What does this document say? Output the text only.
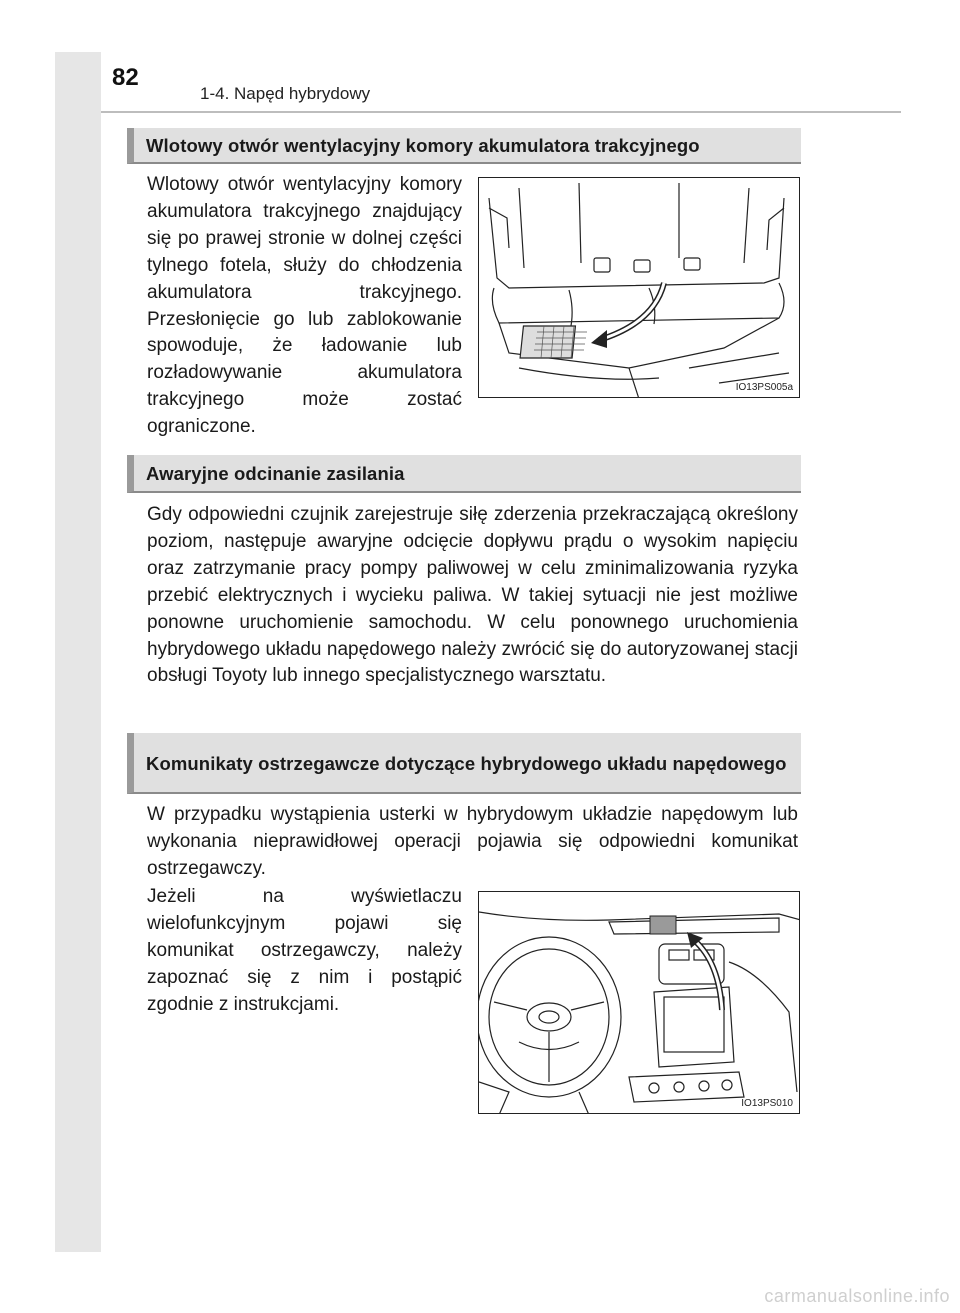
82
1-4. Napęd hybrydowy
Wlotowy otwór wentylacyjny komory akumulatora trakcyjnego

Wlotowy otwór wentylacyjny komory akumulatora trakcyjnego znajdujący się po prawej stronie w dolnej części tylnego fotela, służy do chłodzenia akumulatora trakcyjnego. Przesłonięcie go lub zablokowanie spowoduje, że ładowanie lub rozładowywanie akumulatora trakcyjnego może zostać ograniczone.

IO13PS005a
Awaryjne odcinanie zasilania

Gdy odpowiedni czujnik zarejestruje siłę zderzenia przekraczającą określony poziom, następuje awaryjne odcięcie dopływu prądu o wysokim napięciu oraz zatrzymanie pracy pompy paliwowej w celu zminimalizowania ryzyka przebić elektrycznych i wycieku paliwa. W takiej sytuacji nie jest możliwe ponowne uruchomienie samochodu. W celu ponownego uruchomienia hybrydowego układu napędowego należy zwrócić się do autoryzowanej stacji obsługi Toyoty lub innego specjalistycznego warsztatu.

Komunikaty ostrzegawcze dotyczące hybrydowego układu napędowego

W przypadku wystąpienia usterki w hybrydowym układzie napędowym lub wykonania nieprawidłowej operacji pojawia się odpowiedni komunikat ostrzegawczy.

Jeżeli na wyświetlaczu wielofunkcyjnym pojawi się komunikat ostrzegawczy, należy zapoznać się z nim i postąpić zgodnie z instrukcjami.

IO13PS010
carmanualsonline.info
